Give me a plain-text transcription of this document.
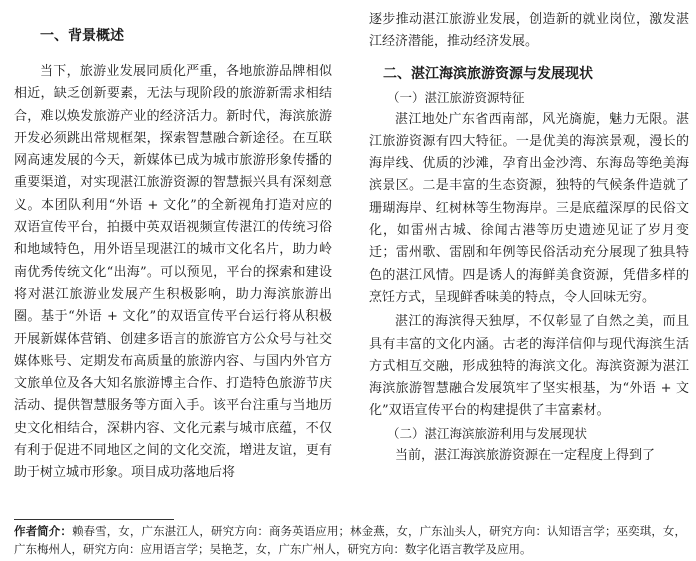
一、背景概述

当下，旅游业发展同质化严重，各地旅游品牌相似相近，缺乏创新要素，无法与现阶段的旅游新需求相结合，难以焕发旅游产业的经济活力。新时代，海滨旅游开发必须跳出常规框架，探索智慧融合新途径。在互联网高速发展的今天，新媒体已成为城市旅游形象传播的重要渠道，对实现湛江旅游资源的智慧振兴具有深刻意义。本团队利用“外语 + 文化”的全新视角打造对应的双语宣传平台，拍摄中英双语视频宣传湛江的传统习俗和地域特色，用外语呈现湛江的城市文化名片，助力岭南优秀传统文化“出海”。可以预见，平台的探索和建设将对湛江旅游业发展产生积极影响，助力海滨旅游出圈。基于“外语 + 文化”的双语宣传平台运行将从积极开展新媒体营销、创建多语言的旅游官方公众号与社交媒体账号、定期发布高质量的旅游内容、与国内外官方文旅单位及各大知名旅游博主合作、打造特色旅游节庆活动、提供智慧服务等方面入手。该平台注重与当地历史文化相结合，深耕内容、文化元素与城市底蕴，不仅有利于促进不同地区之间的文化交流，增进友谊，更有助于树立城市形象。项目成功落地后将

逐步推动湛江旅游业发展，创造新的就业岗位，激发湛江经济潜能，推动经济发展。

二、湛江海滨旅游资源与发展现状
（一）湛江旅游资源特征

湛江地处广东省西南部，风光旖旎，魅力无限。湛江旅游资源有四大特征。一是优美的海滨景观，漫长的海岸线、优质的沙滩，孕育出金沙湾、东海岛等绝美海滨景区。二是丰富的生态资源，独特的气候条件造就了珊瑚海岸、红树林等生物海岸。三是底蕴深厚的民俗文化，如雷州古城、徐闻古港等历史遗迹见证了岁月变迁；雷州歌、雷剧和年例等民俗活动充分展现了独具特色的湛江风情。四是诱人的海鲜美食资源，凭借多样的烹饪方式，呈现鲜香味美的特点，令人回味无穷。

湛江的海滨得天独厚，不仅彰显了自然之美，而且具有丰富的文化内涵。古老的海洋信仰与现代海滨生活方式相互交融，形成独特的海滨文化。海滨资源为湛江海滨旅游智慧融合发展筑牢了坚实根基，为“外语 + 文化”双语宣传平台的构建提供了丰富素材。

（二）湛江海滨旅游利用与发展现状

当前，湛江海滨旅游资源在一定程度上得到了

作者简介：赖春雪，女，广东湛江人，研究方向：商务英语应用；林金燕，女，广东汕头人，研究方向：认知语言学；巫奕琪，女，广东梅州人，研究方向：应用语言学；吴艳芝，女，广东广州人，研究方向：数字化语言教学及应用。
